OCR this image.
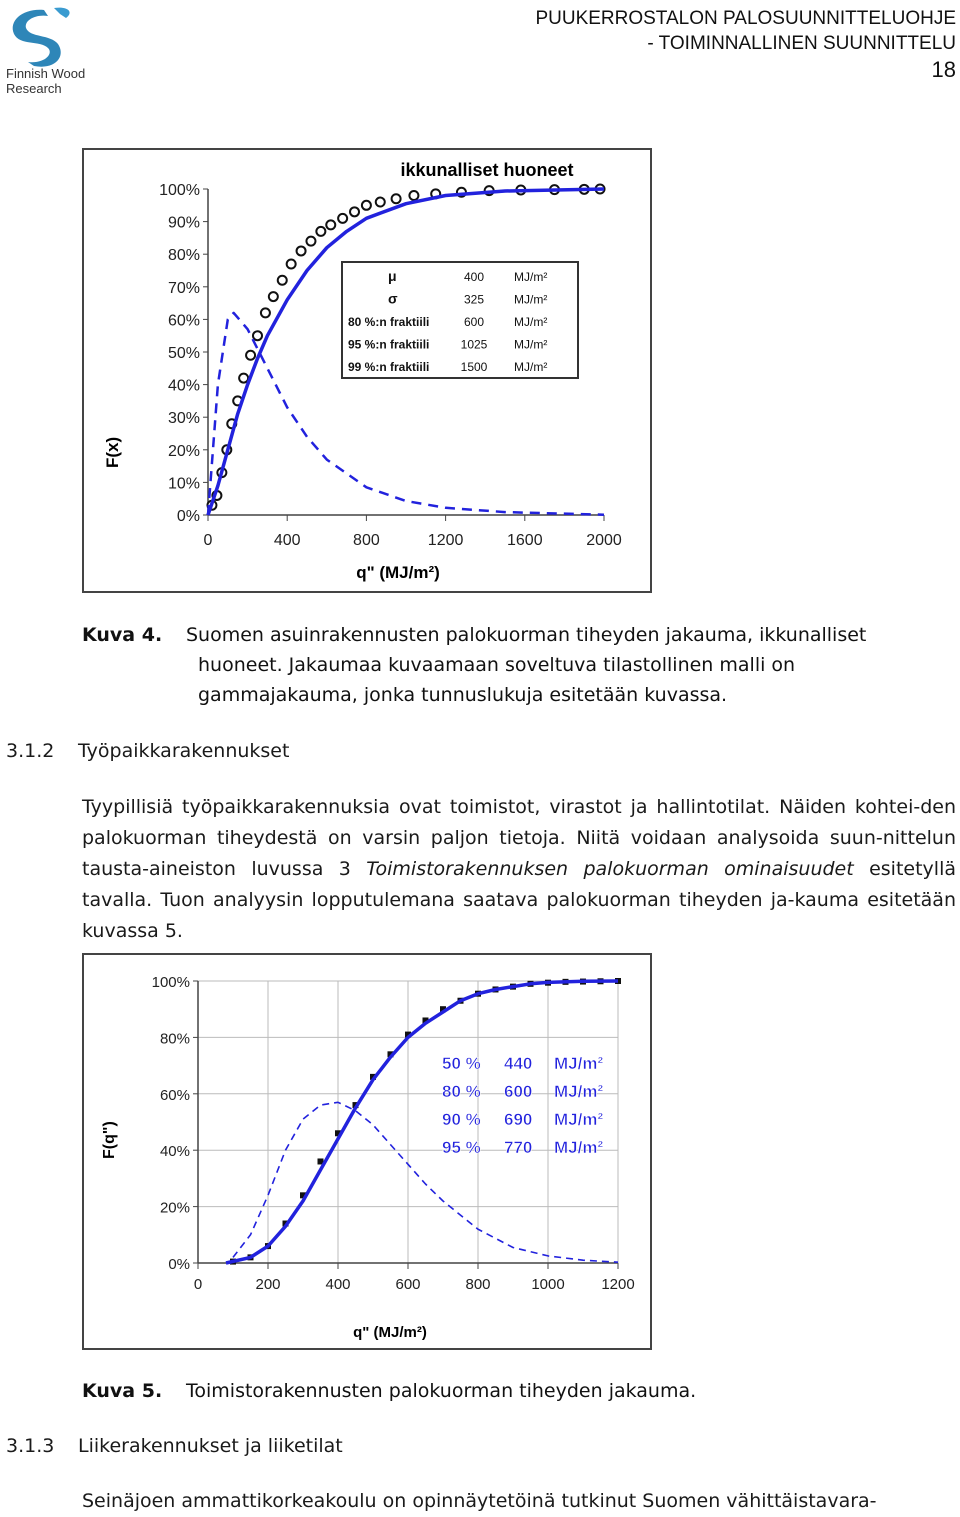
Finnish Wood
Research
PUUKERROSTALON PALOSUUNNITTELUOHJE
- TOIMINNALLINEN SUUNNITTELU
18
ikkunalliset huoneet
F(x)
q" (MJ/m²)
0%
10%
20%
30%
40%
50%
60%
70%
80%
90%
100%
0	400	800	1200	1600	2000
μ	400 MJ/m²
σ	325 MJ/m²
80 %:n fraktiili	600 MJ/m²
95 %:n fraktiili	1025 MJ/m²
99 %:n fraktiili	1500 MJ/m²
Kuva 4. Suomen asuinrakennusten palokuorman tiheyden jakauma, ikkunalliset
huoneet. Jakaumaa kuvaamaan soveltuva tilastollinen malli on
gammajakauma, jonka tunnuslukuja esitetään kuvassa.
3.1.2 Työpaikkarakennukset
Tyypillisiä työpaikkarakennuksia ovat toimistot, virastot ja hallintotilat. Näiden kohtei-den palokuorman tiheydestä on varsin paljon tietoja. Niitä voidaan analysoida suun-nittelun tausta-aineiston luvussa 3 Toimistorakennuksen palokuorman ominaisuudet esitetyllä tavalla. Tuon analyysin lopputulemana saatava palokuorman tiheyden ja-kauma esitetään kuvassa 5.
F(q")
q" (MJ/m²)
0%
20%
40%
60%
80%
100%
0	200	400	600	800	1000 1200
50 % 440 MJ/m²
80 % 600 MJ/m²
90 % 690 MJ/m²
95 % 770 MJ/m²
Kuva 5. Toimistorakennusten palokuorman tiheyden jakauma.
3.1.3 Liikerakennukset ja liiketilat
Seinäjoen ammattikorkeakoulu on opinnäytetöinä tutkinut Suomen vähittäistavara-
